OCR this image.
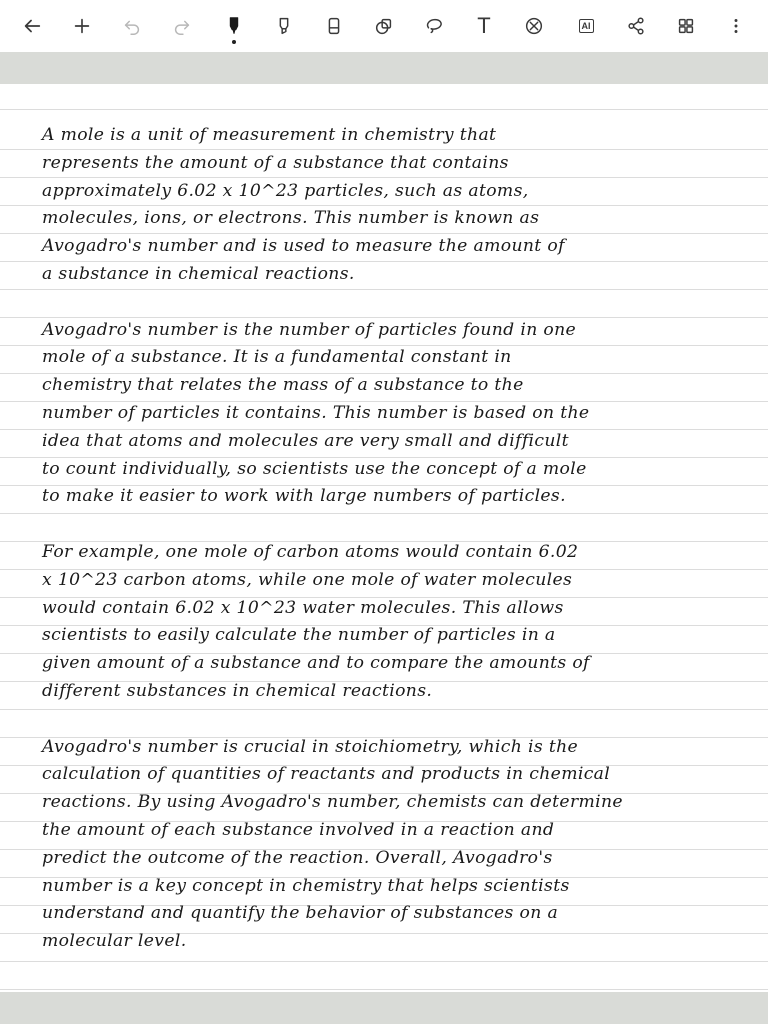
T	AI

A mole is a unit of measurement in chemistry that
represents the amount of a substance that contains
approximately 6.02 x 10^23 particles, such as atoms,
molecules, ions, or electrons. This number is known as
Avogadro's number and is used to measure the amount of
a substance in chemical reactions.

Avogadro's number is the number of particles found in one
mole of a substance. It is a fundamental constant in
chemistry that relates the mass of a substance to the
number of particles it contains. This number is based on the
idea that atoms and molecules are very small and difficult
to count individually, so scientists use the concept of a mole
to make it easier to work with large numbers of particles.

For example, one mole of carbon atoms would contain 6.02
x 10^23 carbon atoms, while one mole of water molecules
would contain 6.02 x 10^23 water molecules. This allows
scientists to easily calculate the number of particles in a
given amount of a substance and to compare the amounts of
different substances in chemical reactions.

Avogadro's number is crucial in stoichiometry, which is the
calculation of quantities of reactants and products in chemical
reactions. By using Avogadro's number, chemists can determine
the amount of each substance involved in a reaction and
predict the outcome of the reaction. Overall, Avogadro's
number is a key concept in chemistry that helps scientists
understand and quantify the behavior of substances on a
molecular level.
